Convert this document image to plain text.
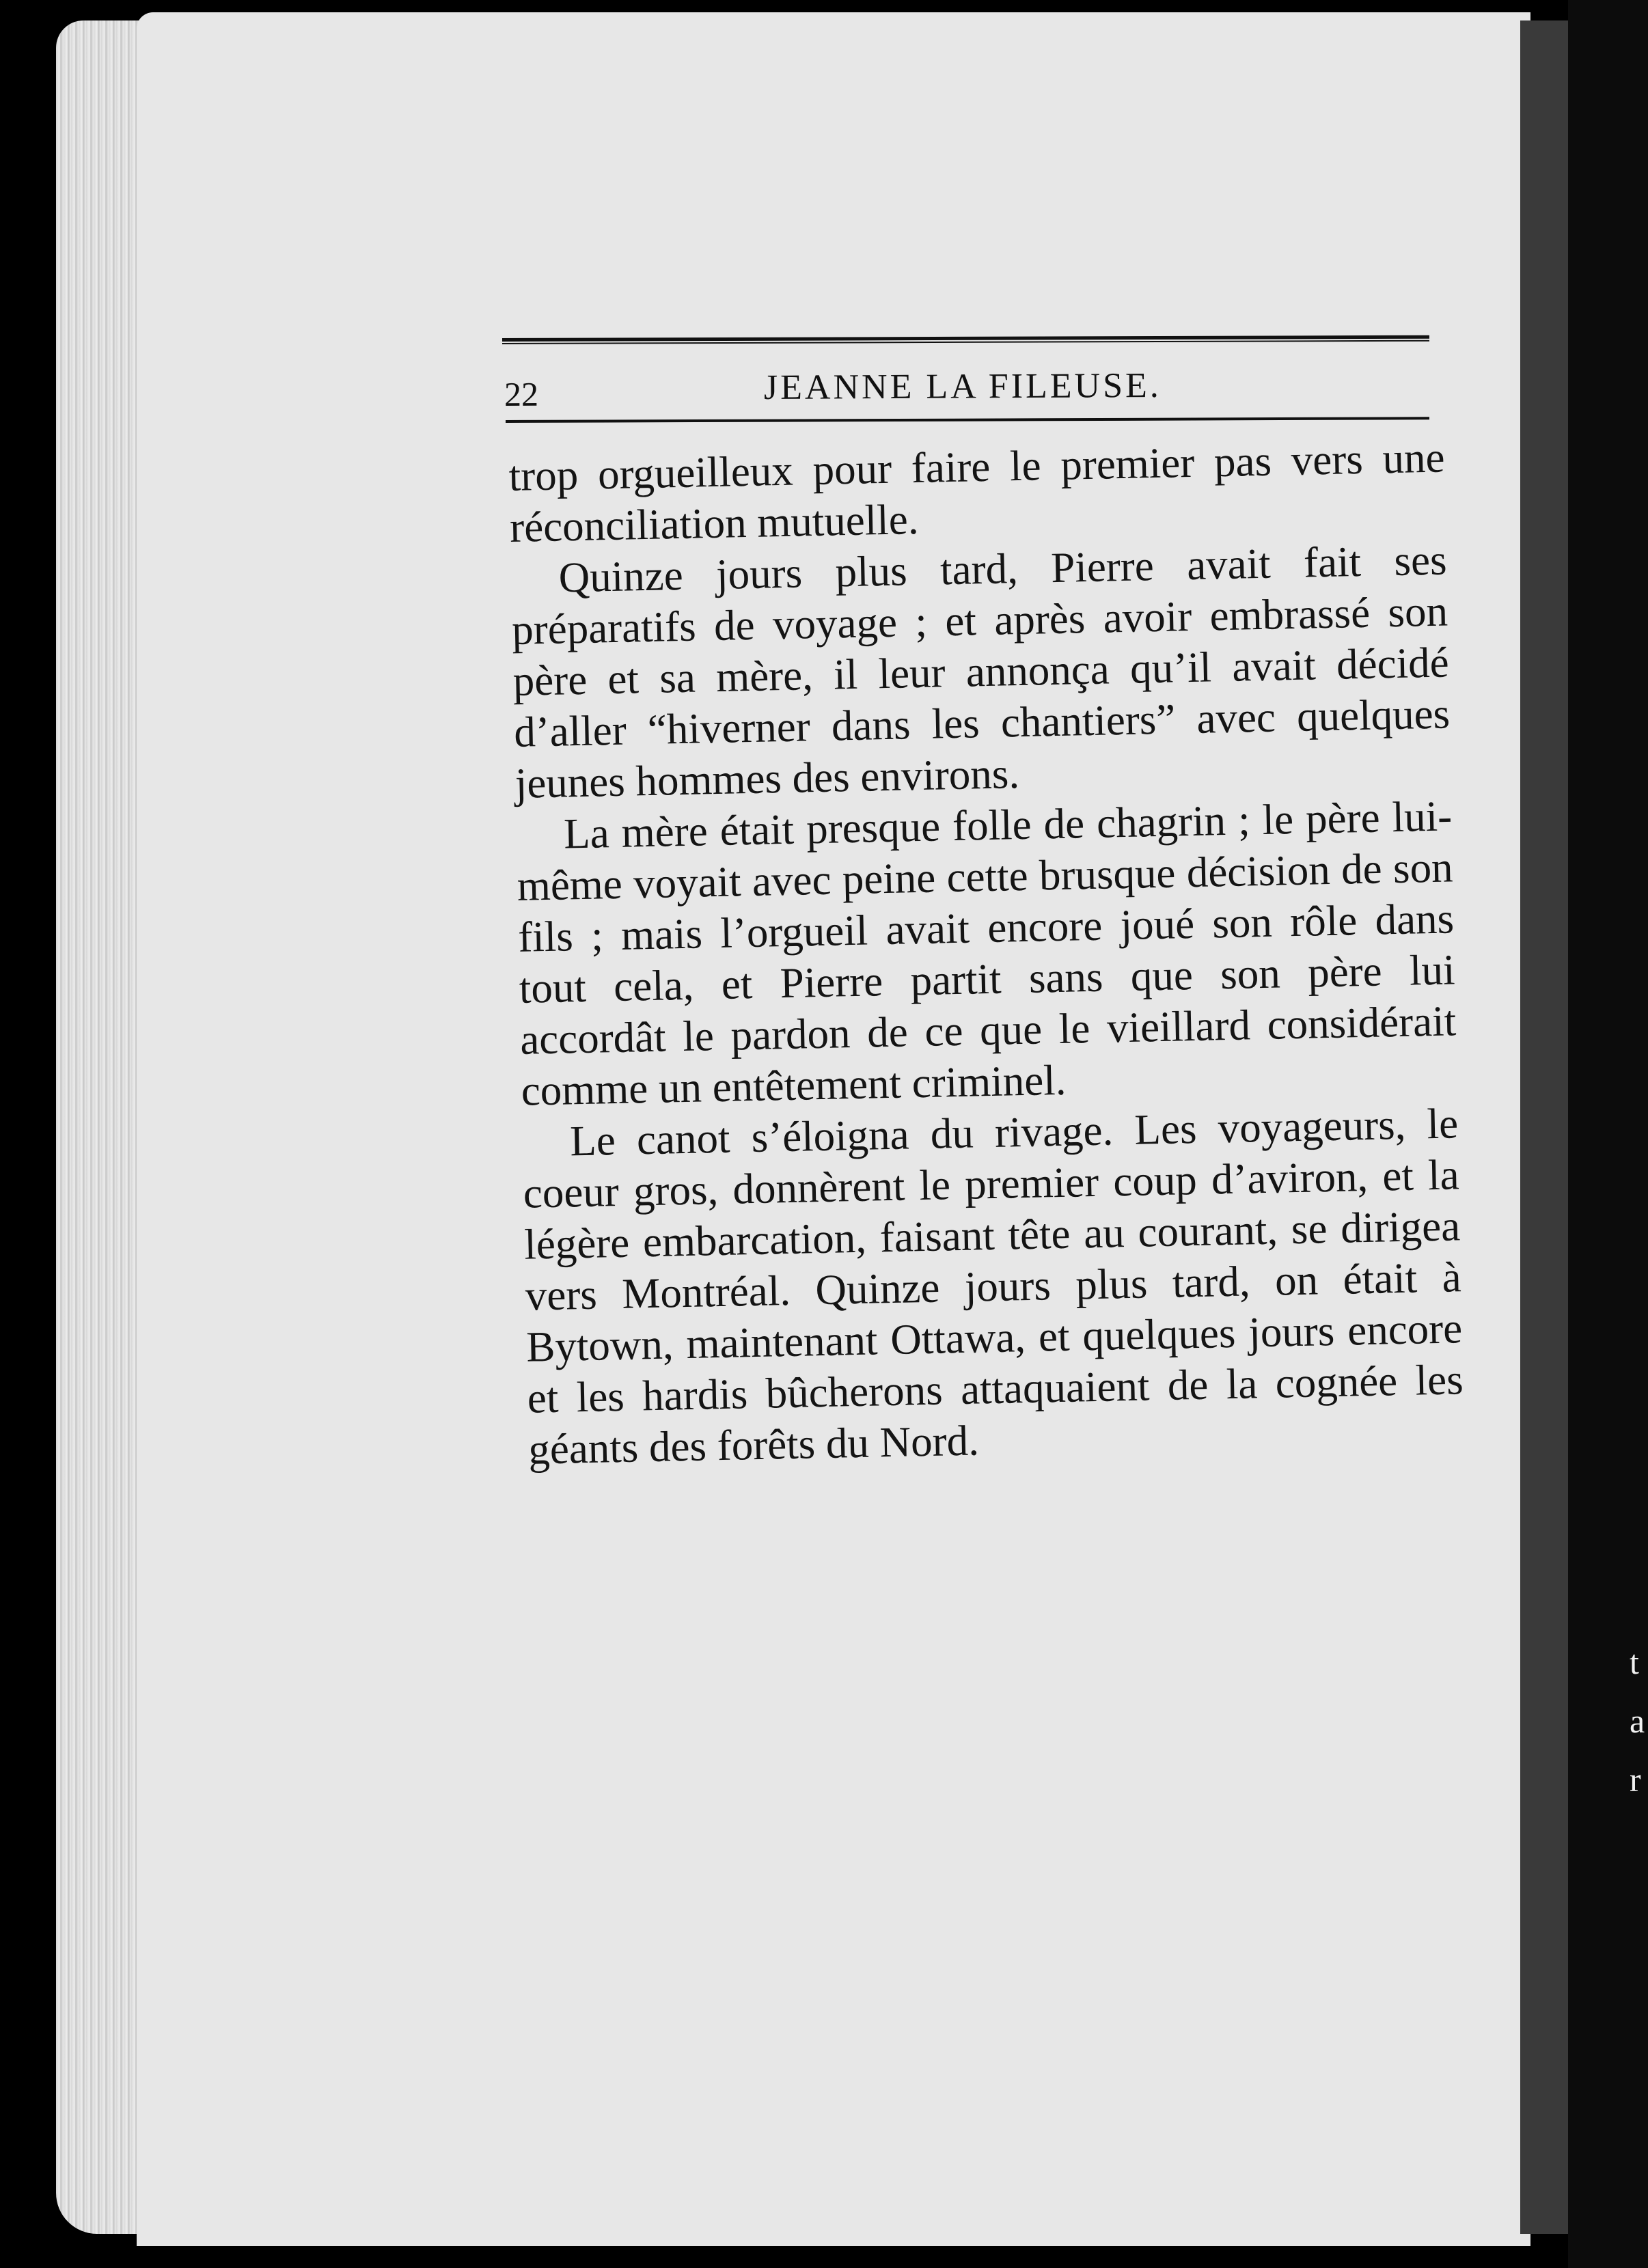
t
a
r
22	JEANNE LA FILEUSE.

trop orgueilleux pour faire le premier pas vers une réconciliation mutuelle.

Quinze jours plus tard, Pierre avait fait ses préparatifs de voyage ; et après avoir embrassé son père et sa mère, il leur annonça qu’il avait décidé d’aller “hiverner dans les chantiers” avec quelques jeunes hommes des environs.

La mère était presque folle de chagrin ; le père lui-même voyait avec peine cette brusque décision de son fils ; mais l’orgueil avait encore joué son rôle dans tout cela, et Pierre partit sans que son père lui accordât le pardon de ce que le vieillard considérait comme un entêtement criminel.

Le canot s’éloigna du rivage. Les voyageurs, le coeur gros, donnèrent le premier coup d’aviron, et la légère embarcation, faisant tête au courant, se dirigea vers Montréal. Quinze jours plus tard, on était à Bytown, maintenant Ottawa, et quelques jours encore et les hardis bûcherons attaquaient de la cognée les géants des forêts du Nord.
